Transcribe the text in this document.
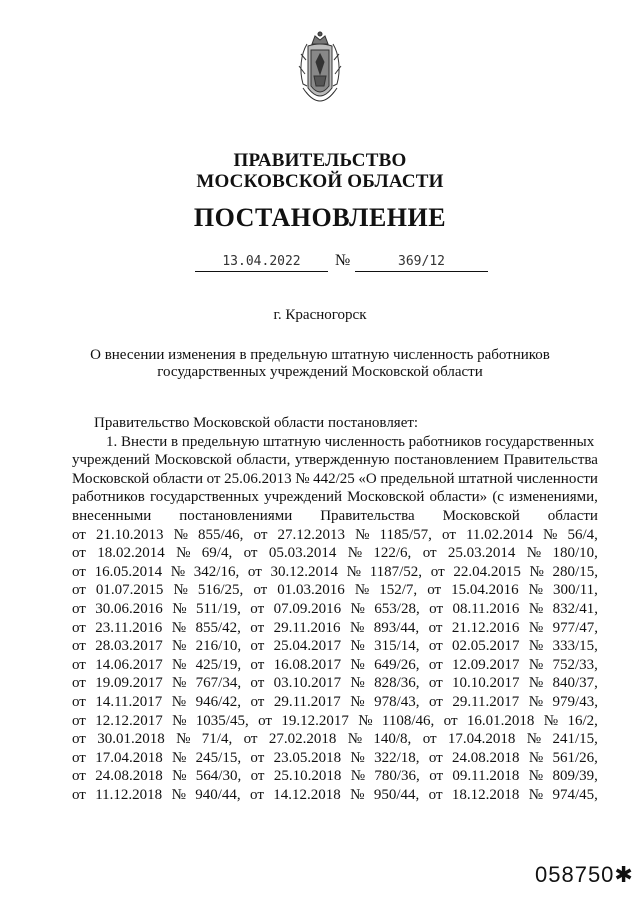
ПРАВИТЕЛЬСТВО
МОСКОВСКОЙ ОБЛАСТИ
ПОСТАНОВЛЕНИЕ
13.04.2022	№	369/12
г. Красногорск
О внесении изменения в предельную штатную численность работников
государственных учреждений Московской области
Правительство Московской области постановляет:
1. Внести в предельную штатную численность работников государственных
учреждений Московской области, утвержденную постановлением Правительства
Московской области от 25.06.2013 № 442/25 «О предельной штатной численности
работников государственных учреждений Московской области» (с изменениями,
внесенными постановлениями Правительства Московской области
от 21.10.2013 № 855/46, от 27.12.2013 № 1185/57, от 11.02.2014 № 56/4,
от 18.02.2014 № 69/4, от 05.03.2014 № 122/6, от 25.03.2014 № 180/10,
от 16.05.2014 № 342/16, от 30.12.2014 № 1187/52, от 22.04.2015 № 280/15,
от 01.07.2015 № 516/25, от 01.03.2016 № 152/7, от 15.04.2016 № 300/11,
от 30.06.2016 № 511/19, от 07.09.2016 № 653/28, от 08.11.2016 № 832/41,
от 23.11.2016 № 855/42, от 29.11.2016 № 893/44, от 21.12.2016 № 977/47,
от 28.03.2017 № 216/10, от 25.04.2017 № 315/14, от 02.05.2017 № 333/15,
от 14.06.2017 № 425/19, от 16.08.2017 № 649/26, от 12.09.2017 № 752/33,
от 19.09.2017 № 767/34, от 03.10.2017 № 828/36, от 10.10.2017 № 840/37,
от 14.11.2017 № 946/42, от 29.11.2017 № 978/43, от 29.11.2017 № 979/43,
от 12.12.2017 № 1035/45, от 19.12.2017 № 1108/46, от 16.01.2018 № 16/2,
от 30.01.2018 № 71/4, от 27.02.2018 № 140/8, от 17.04.2018 № 241/15,
от 17.04.2018 № 245/15, от 23.05.2018 № 322/18, от 24.08.2018 № 561/26,
от 24.08.2018 № 564/30, от 25.10.2018 № 780/36, от 09.11.2018 № 809/39,
от 11.12.2018 № 940/44, от 14.12.2018 № 950/44, от 18.12.2018 № 974/45,
058750✱
